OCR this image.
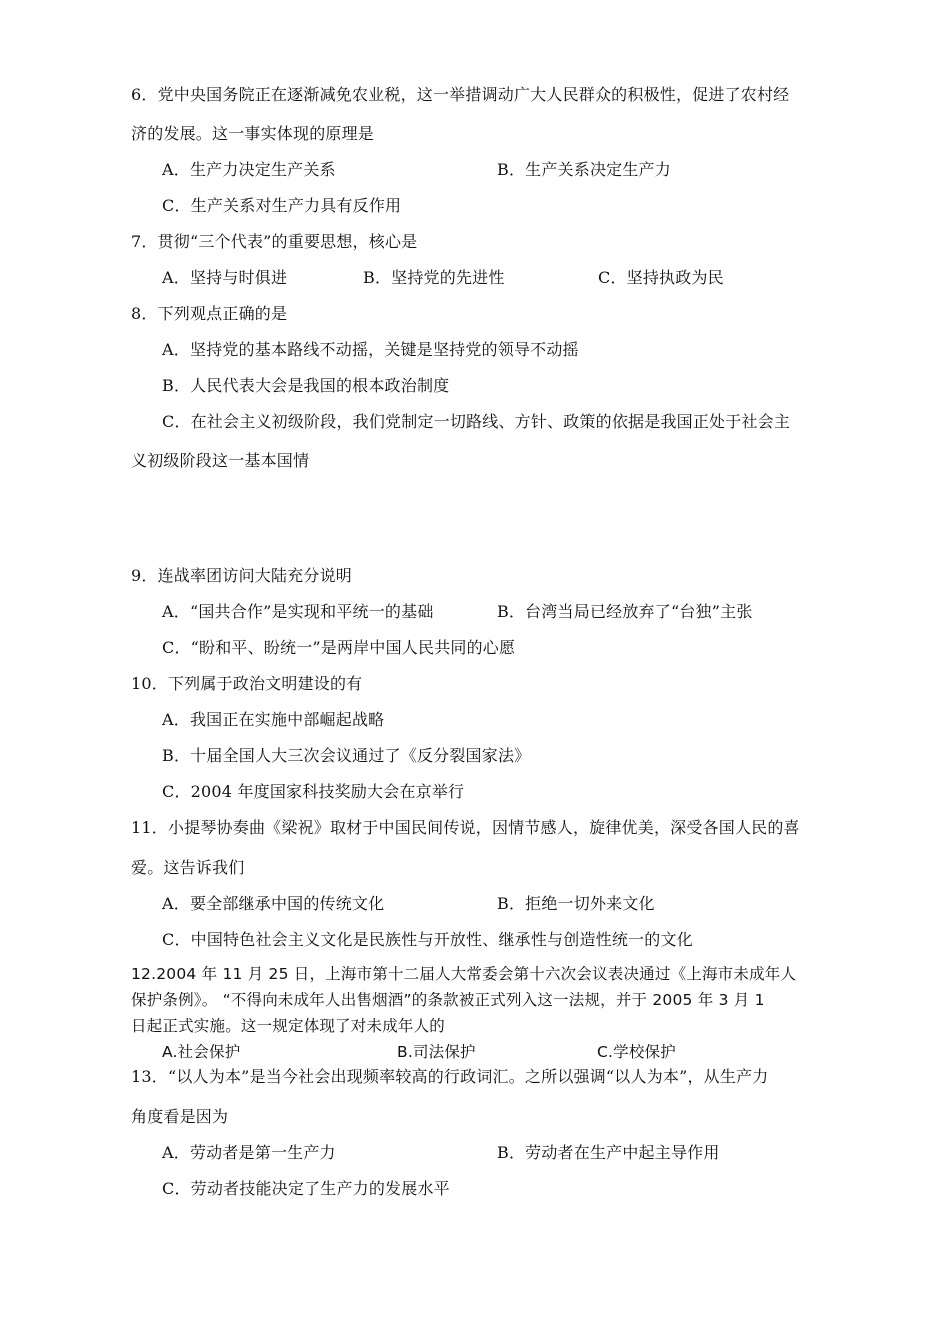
6．党中央国务院正在逐渐减免农业税，这一举措调动广大人民群众的积极性，促进了农村经
济的发展。这一事实体现的原理是
A．生产力决定生产关系	B．生产关系决定生产力
C．生产关系对生产力具有反作用
7．贯彻“三个代表”的重要思想，核心是
A．坚持与时俱进	B．坚持党的先进性	C．坚持执政为民
8．下列观点正确的是
A．坚持党的基本路线不动摇，关键是坚持党的领导不动摇
B．人民代表大会是我国的根本政治制度
C．在社会主义初级阶段，我们党制定一切路线、方针、政策的依据是我国正处于社会主
义初级阶段这一基本国情
9．连战率团访问大陆充分说明
A．“国共合作”是实现和平统一的基础	B．台湾当局已经放弃了“台独”主张
C．“盼和平、盼统一”是两岸中国人民共同的心愿
10．下列属于政治文明建设的有
A．我国正在实施中部崛起战略
B．十届全国人大三次会议通过了《反分裂国家法》
C．2004 年度国家科技奖励大会在京举行
11．小提琴协奏曲《梁祝》取材于中国民间传说，因情节感人，旋律优美，深受各国人民的喜
爱。这告诉我们
A．要全部继承中国的传统文化	B．拒绝一切外来文化
C．中国特色社会主义文化是民族性与开放性、继承性与创造性统一的文化
12.2004 年 11 月 25 日，上海市第十二届人大常委会第十六次会议表决通过《上海市未成年人
保护条例》。 “不得向未成年人出售烟酒”的条款被正式列入这一法规，并于 2005 年 3 月 1
日起正式实施。这一规定体现了对未成年人的
A.社会保护	B.司法保护	C.学校保护
13．“以人为本”是当今社会出现频率较高的行政词汇。之所以强调“以人为本”，从生产力
角度看是因为
A．劳动者是第一生产力	B．劳动者在生产中起主导作用
C．劳动者技能决定了生产力的发展水平
